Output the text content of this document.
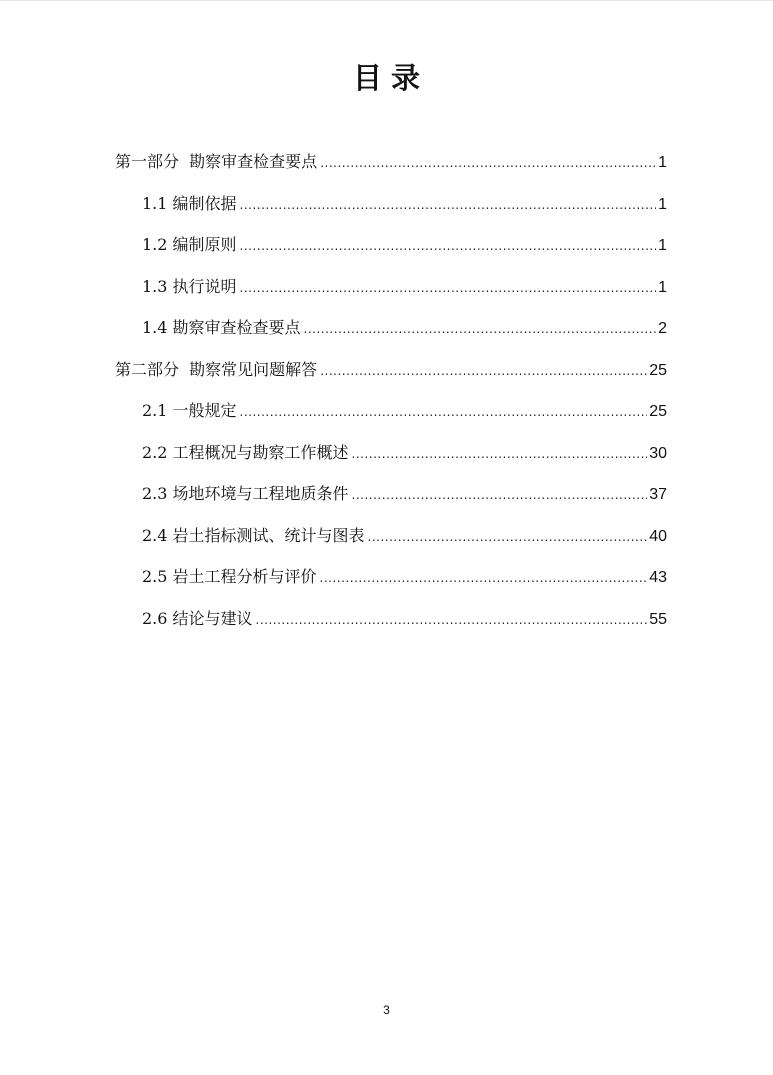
目录
第一部分  勘察审查检查要点 .....	1
1.1 编制依据 .....	1
1.2 编制原则 .....	1
1.3 执行说明 .....	1
1.4 勘察审查检查要点 .....	2
第二部分  勘察常见问题解答 .....	25
2.1 一般规定 .....	25
2.2 工程概况与勘察工作概述 .....	30
2.3 场地环境与工程地质条件 .....	37
2.4 岩土指标测试、统计与图表 .....	40
2.5 岩土工程分析与评价 .....	43
2.6 结论与建议 .....	55
3
